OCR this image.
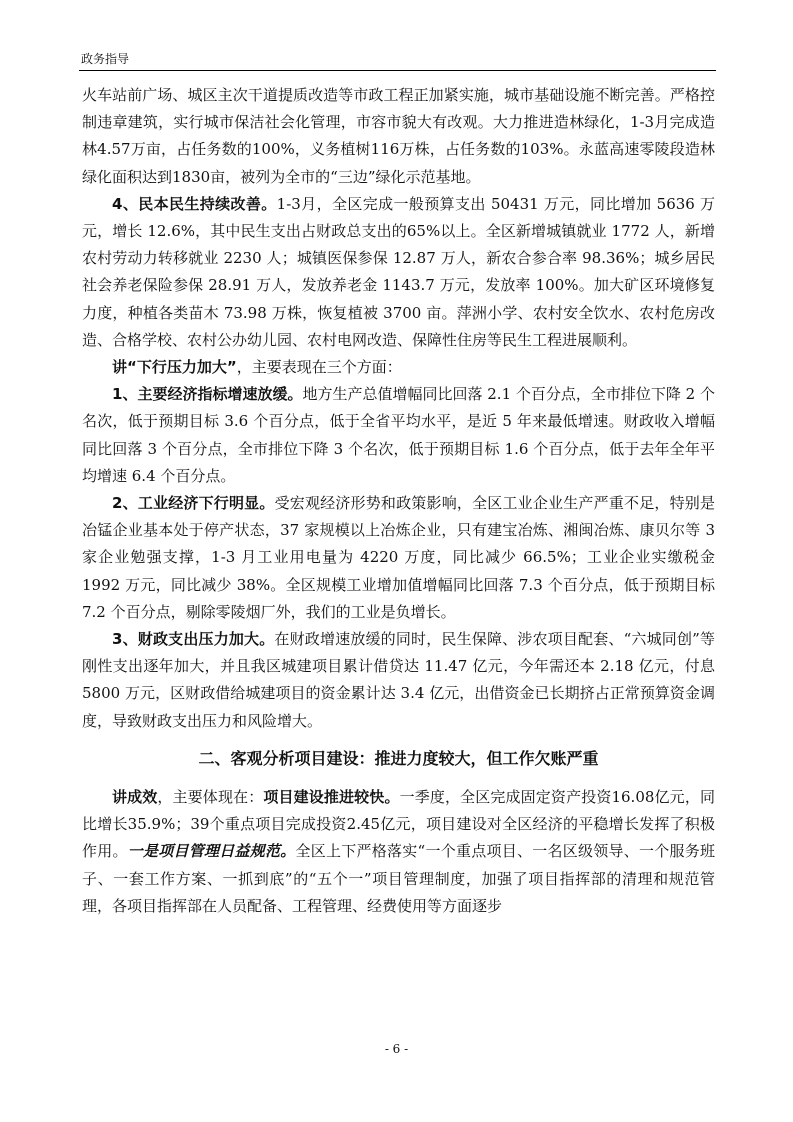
政务指导

火车站前广场、城区主次干道提质改造等市政工程正加紧实施，城市基础设施不断完善。严格控制违章建筑，实行城市保洁社会化管理，市容市貌大有改观。大力推进造林绿化，1-3月完成造林4.57万亩，占任务数的100%，义务植树116万株，占任务数的103%。永蓝高速零陵段造林绿化面积达到1830亩，被列为全市的“三边”绿化示范基地。

4、民本民生持续改善。1-3月，全区完成一般预算支出 50431 万元，同比增加 5636 万元，增长 12.6%，其中民生支出占财政总支出的65%以上。全区新增城镇就业 1772 人，新增农村劳动力转移就业 2230 人；城镇医保参保 12.87 万人，新农合参合率 98.36%；城乡居民社会养老保险参保 28.91 万人，发放养老金 1143.7 万元，发放率 100%。加大矿区环境修复力度，种植各类苗木 73.98 万株，恢复植被 3700 亩。萍洲小学、农村安全饮水、农村危房改造、合格学校、农村公办幼儿园、农村电网改造、保障性住房等民生工程进展顺利。

讲“下行压力加大”，主要表现在三个方面：

1、主要经济指标增速放缓。地方生产总值增幅同比回落 2.1 个百分点，全市排位下降 2 个名次，低于预期目标 3.6 个百分点，低于全省平均水平，是近 5 年来最低增速。财政收入增幅同比回落 3 个百分点，全市排位下降 3 个名次，低于预期目标 1.6 个百分点，低于去年全年平均增速 6.4 个百分点。

2、工业经济下行明显。受宏观经济形势和政策影响，全区工业企业生产严重不足，特别是冶锰企业基本处于停产状态，37 家规模以上冶炼企业，只有建宝冶炼、湘闽冶炼、康贝尔等 3 家企业勉强支撑，1-3 月工业用电量为 4220 万度，同比减少 66.5%；工业企业实缴税金 1992 万元，同比减少 38%。全区规模工业增加值增幅同比回落 7.3 个百分点，低于预期目标 7.2 个百分点，剔除零陵烟厂外，我们的工业是负增长。

3、财政支出压力加大。在财政增速放缓的同时，民生保障、涉农项目配套、“六城同创”等刚性支出逐年加大，并且我区城建项目累计借贷达 11.47 亿元，今年需还本 2.18 亿元，付息 5800 万元，区财政借给城建项目的资金累计达 3.4 亿元，出借资金已长期挤占正常预算资金调度，导致财政支出压力和风险增大。

二、客观分析项目建设：推进力度较大，但工作欠账严重

讲成效，主要体现在：项目建设推进较快。一季度，全区完成固定资产投资16.08亿元，同比增长35.9%；39个重点项目完成投资2.45亿元，项目建设对全区经济的平稳增长发挥了积极作用。一是项目管理日益规范。全区上下严格落实“一个重点项目、一名区级领导、一个服务班子、一套工作方案、一抓到底”的“五个一”项目管理制度，加强了项目指挥部的清理和规范管理，各项目指挥部在人员配备、工程管理、经费使用等方面逐步

- 6 -
